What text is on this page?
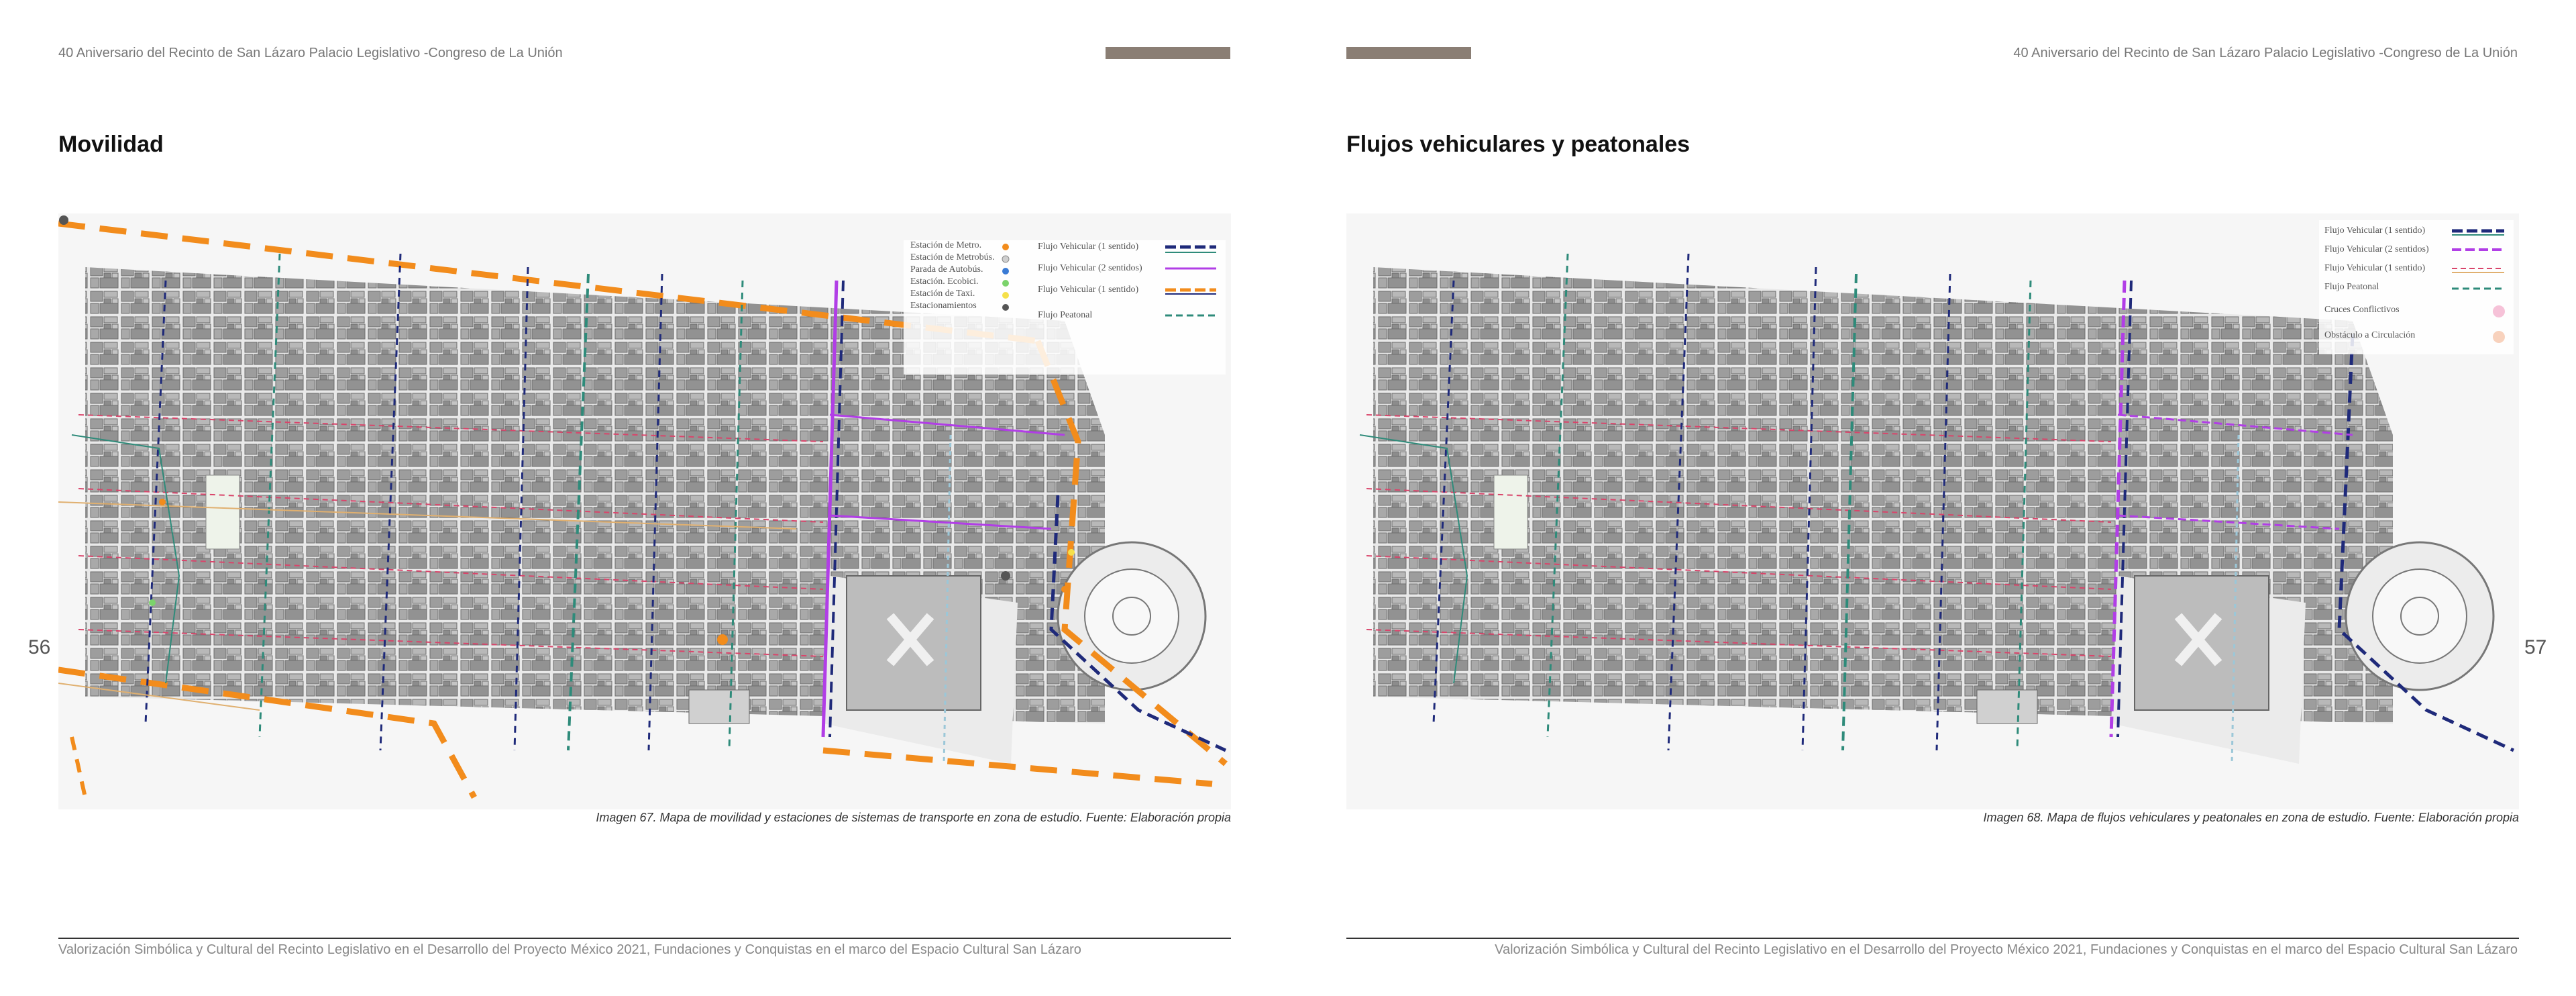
40 Aniversario del Recinto de San Lázaro Palacio Legislativo -Congreso de La Unión
Movilidad
Estación de Metro.
Estación de Metrobús.
Parada de Autobús.
Estación. Ecobici.
Estación de Taxi.
Estacionamientos
Flujo Vehicular (1 sentido)
Flujo Vehicular (2 sentidos)
Flujo Vehicular (1 sentido)
Flujo Peatonal
Imagen 67. Mapa de movilidad y estaciones de sistemas de transporte en zona de estudio. Fuente: Elaboración propia
56
Valorización Simbólica y Cultural del Recinto Legislativo en el Desarrollo del Proyecto México 2021, Fundaciones y Conquistas en el marco del Espacio Cultural San Lázaro
40 Aniversario del Recinto de San Lázaro Palacio Legislativo -Congreso de La Unión
Flujos vehiculares y peatonales
Flujo Vehicular (1 sentido)
Flujo Vehicular (2 sentidos)
Flujo Vehicular (1 sentido)
Flujo Peatonal
Cruces Conflictivos
Obstáculo a Circulación
Imagen 68. Mapa de flujos vehiculares y peatonales en zona de estudio. Fuente: Elaboración propia
57
Valorización Simbólica y Cultural del Recinto Legislativo en el Desarrollo del Proyecto México 2021, Fundaciones y Conquistas en el marco del Espacio Cultural San Lázaro
